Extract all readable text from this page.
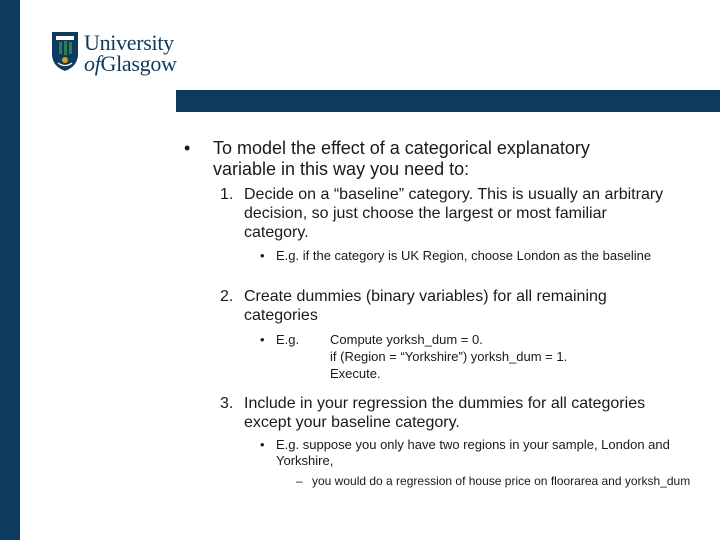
University
ofGlasgow
• To model the effect of a categorical explanatory variable in this way you need to:
1. Decide on a “baseline” category. This is usually an arbitrary decision, so just choose the largest or most familiar category.
• E.g. if the category is UK Region, choose London as the baseline
2. Create dummies (binary variables) for all remaining categories
• E.g. Compute yorksh_dum = 0.
if (Region = “Yorkshire”) yorksh_dum = 1.
Execute.
3. Include in your regression the dummies for all categories except your baseline category.
• E.g. suppose you only have two regions in your sample, London and Yorkshire,
– you would do a regression of house price on floorarea and yorksh_dum
